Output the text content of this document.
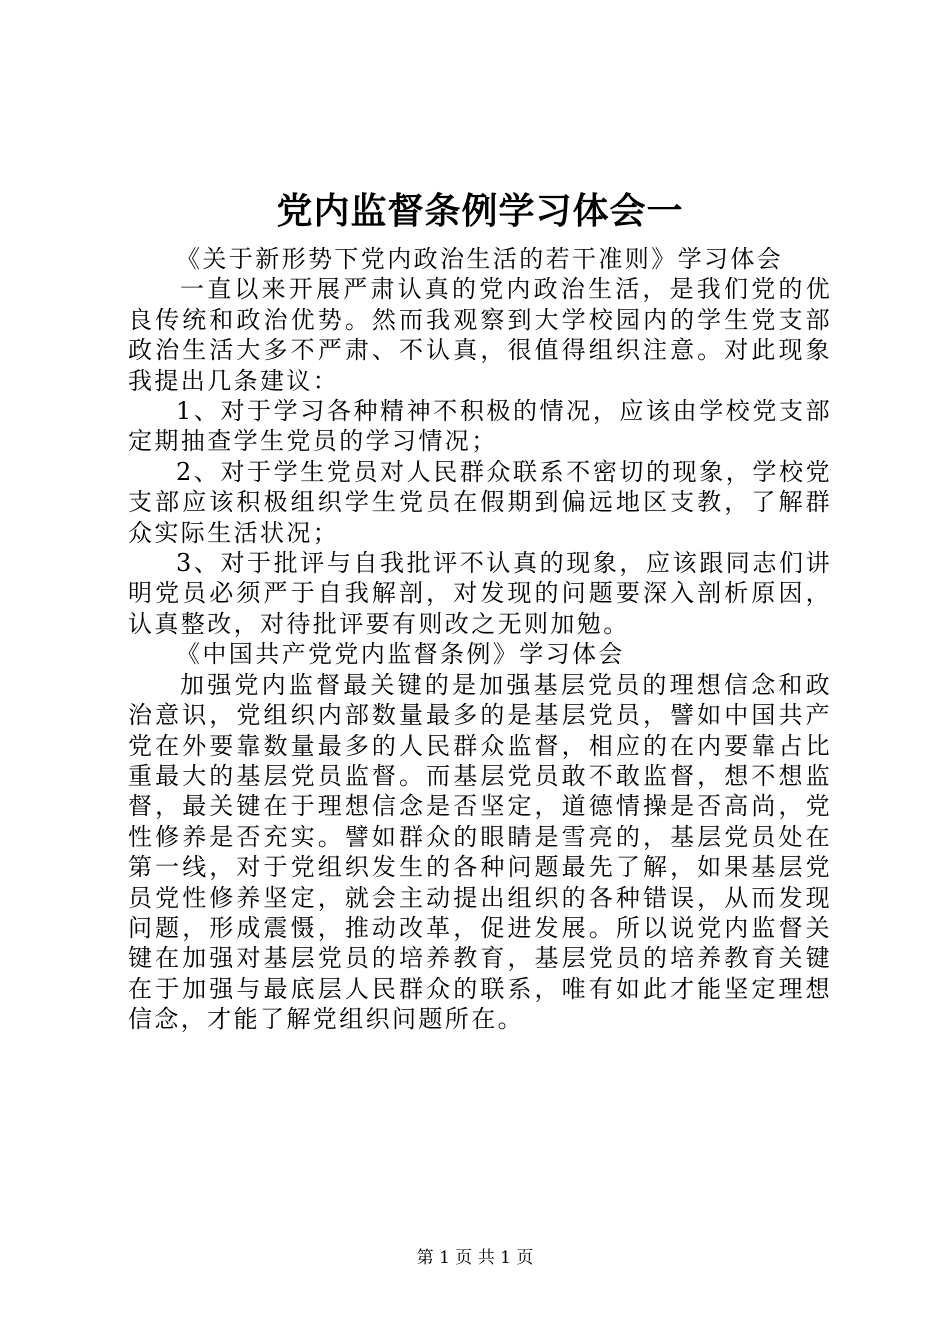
党内监督条例学习体会一

《关于新形势下党内政治生活的若干准则》学习体会

一直以来开展严肃认真的党内政治生活，是我们党的优良传统和政治优势。然而我观察到大学校园内的学生党支部政治生活大多不严肃、不认真，很值得组织注意。对此现象我提出几条建议：

1、对于学习各种精神不积极的情况，应该由学校党支部定期抽查学生党员的学习情况；

2、对于学生党员对人民群众联系不密切的现象，学校党支部应该积极组织学生党员在假期到偏远地区支教，了解群众实际生活状况；

3、对于批评与自我批评不认真的现象，应该跟同志们讲明党员必须严于自我解剖，对发现的问题要深入剖析原因，认真整改，对待批评要有则改之无则加勉。

《中国共产党党内监督条例》学习体会

加强党内监督最关键的是加强基层党员的理想信念和政治意识，党组织内部数量最多的是基层党员，譬如中国共产党在外要靠数量最多的人民群众监督，相应的在内要靠占比重最大的基层党员监督。而基层党员敢不敢监督，想不想监督，最关键在于理想信念是否坚定，道德情操是否高尚，党性修养是否充实。譬如群众的眼睛是雪亮的，基层党员处在第一线，对于党组织发生的各种问题最先了解，如果基层党员党性修养坚定，就会主动提出组织的各种错误，从而发现问题，形成震慑，推动改革，促进发展。所以说党内监督关键在加强对基层党员的培养教育，基层党员的培养教育关键在于加强与最底层人民群众的联系，唯有如此才能坚定理想信念，才能了解党组织问题所在。

第 1 页 共 1 页
